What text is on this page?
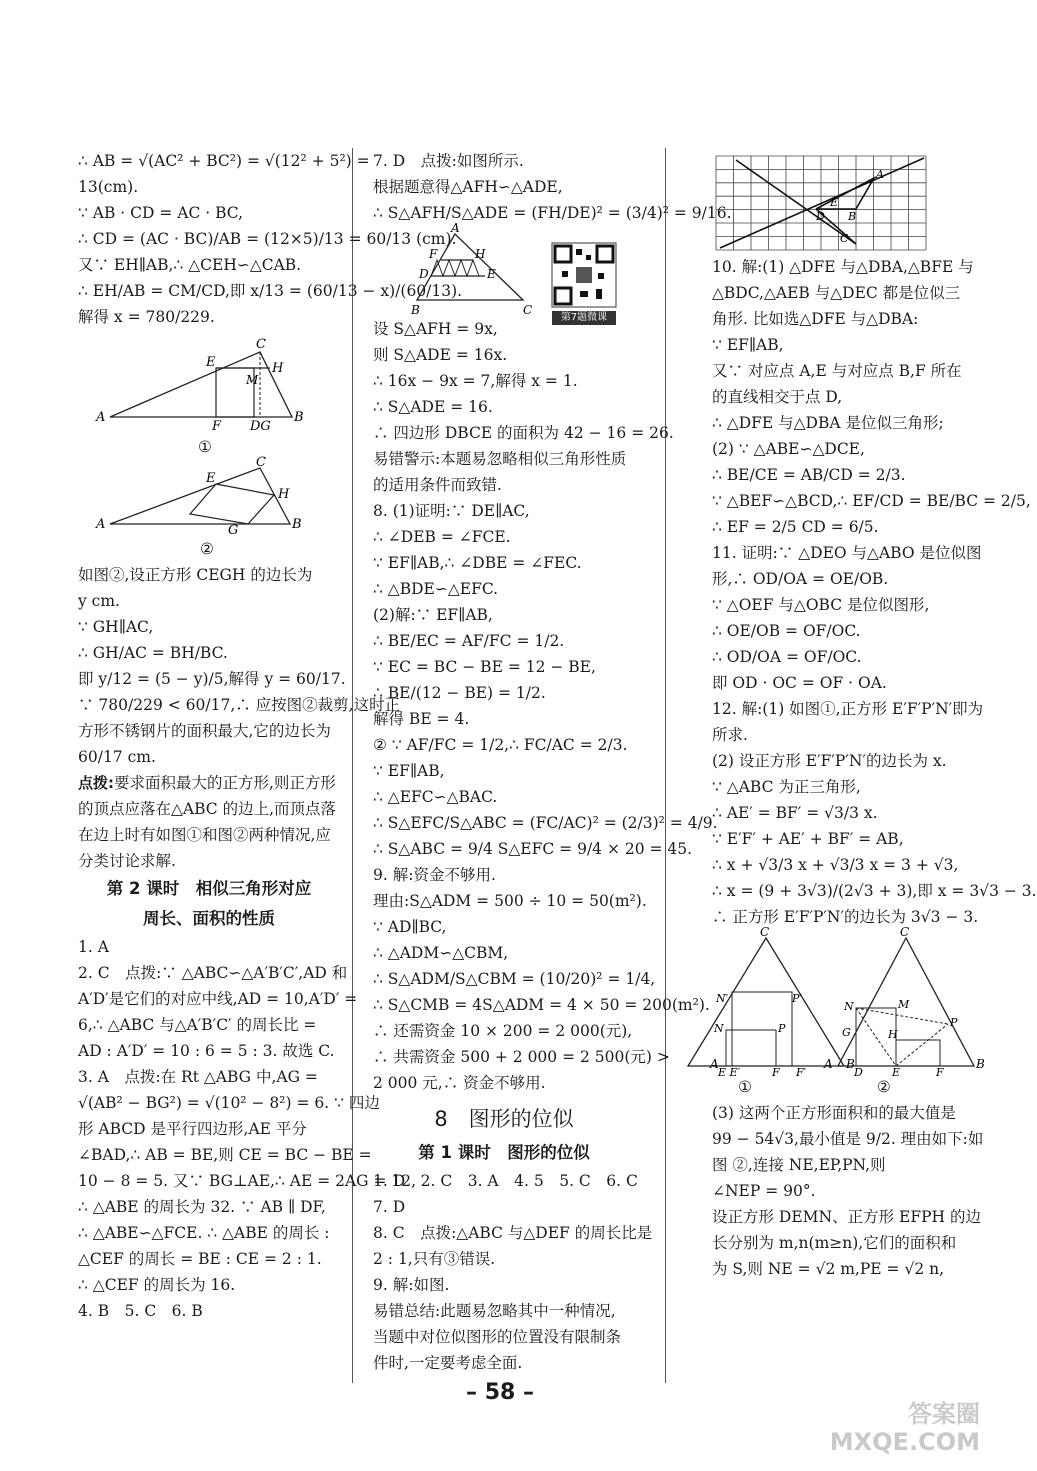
∴ AB = √(AC² + BC²) = √(12² + 5²) =
13(cm).
∵ AB · CD = AC · BC,
∴ CD = (AC · BC)/AB = (12×5)/13 = 60/13 (cm).
又∵ EH∥AB,∴ △CEH∽△CAB.
∴ EH/AB = CM/CD,即 x/13 = (60/13 − x)/(60/13).
解得 x = 780/229.
A
C
E	H
M
F DG
B
①
A
C
E
H
G	B
②
如图②,设正方形 CEGH 的边长为
y cm.
∵ GH∥AC,
∴ GH/AC = BH/BC.
即 y/12 = (5 − y)/5,解得 y = 60/17.
∵ 780/229 < 60/17,∴ 应按图②裁剪,这时正
方形不锈钢片的面积最大,它的边长为
60/17 cm.
点拨:要求面积最大的正方形,则正方形的顶点应落在△ABC 的边上,而顶点落在边上时有如图①和图②两种情况,应分类讨论求解.
第 2 课时　相似三角形对应
周长、面积的性质
1. A
2. C　点拨:∵ △ABC∽△A′B′C′,AD 和
A′D′是它们的对应中线,AD = 10,A′D′ =
6,∴ △ABC 与△A′B′C′ 的周长比 =
AD : A′D′ = 10 : 6 = 5 : 3. 故选 C.
3. A　点拨:在 Rt △ABG 中,AG =
√(AB² − BG²) = √(10² − 8²) = 6. ∵ 四边
形 ABCD 是平行四边形,AE 平分
∠BAD,∴ AB = BE,则 CE = BC − BE =
10 − 8 = 5. 又∵ BG⊥AE,∴ AE = 2AG = 12,
∴ △ABE 的周长为 32. ∵ AB ∥ DF,
∴ △ABE∽△FCE. ∴ △ABE 的周长 :
△CEF 的周长 = BE : CE = 2 : 1.
∴ △CEF 的周长为 16.
4. B　5. C　6. B
7. D　点拨:如图所示.
根据题意得△AFH∽△ADE,
∴ S△AFH/S△ADE = (FH/DE)² = (3/4)² = 9/16.
A
F	H
D	E
B	C
设 S△AFH = 9x,
则 S△ADE = 16x.
∴ 16x − 9x = 7,解得 x = 1.
∴ S△ADE = 16.
∴ 四边形 DBCE 的面积为 42 − 16 = 26.
易错警示:本题易忽略相似三角形性质
的适用条件而致错.
8. (1)证明:∵ DE∥AC,
∴ ∠DEB = ∠FCE.
∵ EF∥AB,∴ ∠DBE = ∠FEC.
∴ △BDE∽△EFC.
(2)解:∵ EF∥AB,
∴ BE/EC = AF/FC = 1/2.
∵ EC = BC − BE = 12 − BE,
∴ BE/(12 − BE) = 1/2.
解得 BE = 4.
② ∵ AF/FC = 1/2,∴ FC/AC = 2/3.
∵ EF∥AB,
∴ △EFC∽△BAC.
∴ S△EFC/S△ABC = (FC/AC)² = (2/3)² = 4/9.
∴ S△ABC = 9/4 S△EFC = 9/4 × 20 = 45.
9. 解:资金不够用.
理由:S△ADM = 500 ÷ 10 = 50(m²).
∵ AD∥BC,
∴ △ADM∽△CBM,
∴ S△ADM/S△CBM = (10/20)² = 1/4,
∴ S△CMB = 4S△ADM = 4 × 50 = 200(m²).
∴ 还需资金 10 × 200 = 2 000(元),
∴ 共需资金 500 + 2 000 = 2 500(元) >
2 000 元,∴ 资金不够用.
8　图形的位似
第 1 课时　图形的位似
1. D　2. C　3. A　4. 5　5. C　6. C
7. D
8. C　点拨:△ABC 与△DEF 的周长比是
2 : 1,只有③错误.
9. 解:如图.
易错总结:此题易忽略其中一种情况,
当题中对位似图形的位置没有限制条
件时,一定要考虑全面.
第7题微课
A
D
E
B
C
10. 解:(1) △DFE 与△DBA,△BFE 与
△BDC,△AEB 与△DEC 都是位似三
角形. 比如选△DFE 与△DBA:
∵ EF∥AB,
又∵ 对应点 A,E 与对应点 B,F 所在
的直线相交于点 D,
∴ △DFE 与△DBA 是位似三角形;
(2) ∵ △ABE∽△DCE,
∴ BE/CE = AB/CD = 2/3.
∵ △BEF∽△BCD,∴ EF/CD = BE/BC = 2/5,
∴ EF = 2/5 CD = 6/5.
11. 证明:∵ △DEO 与△ABO 是位似图
形,∴ OD/OA = OE/OB.
∵ △OEF 与△OBC 是位似图形,
∴ OE/OB = OF/OC.
∴ OD/OA = OF/OC.
即 OD · OC = OF · OA.
12. 解:(1) 如图①,正方形 E′F′P′N′即为
所求.
(2) 设正方形 E′F′P′N′的边长为 x.
∵ △ABC 为正三角形,
∴ AE′ = BF′ = √3/3 x.
∵ E′F′ + AE′ + BF′ = AB,
∴ x + √3/3 x + √3/3 x = 3 + √3,
∴ x = (9 + 3√3)/(2√3 + 3),即 x = 3√3 − 3.
∴ 正方形 E′F′P′N′的边长为 3√3 − 3.
C
A	B
N′	P′
N	P
E E′	F F′
C
A	B
N	M
P
G	H
D	E	F
①	②
(3) 这两个正方形面积和的最大值是
99 − 54√3,最小值是 9/2. 理由如下:如
图 ②,连接 NE,EP,PN,则
∠NEP = 90°.
设正方形 DEMN、正方形 EFPH 的边
长分别为 m,n(m≥n),它们的面积和
为 S,则 NE = √2 m,PE = √2 n,
– 58 –
答案圈
MXQE.COM
